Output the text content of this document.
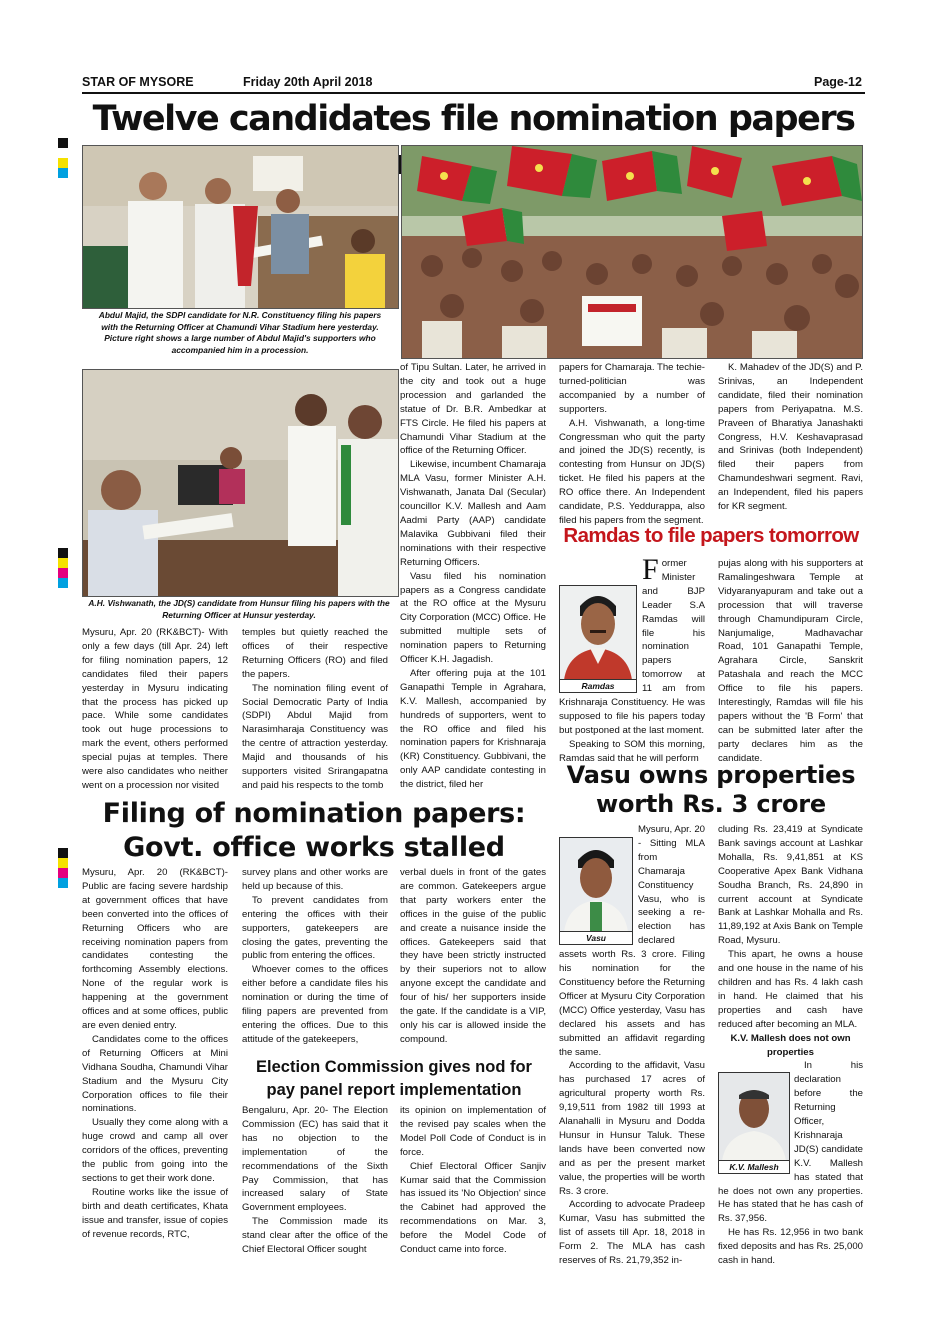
STAR OF MYSORE	Friday 20th April 2018	Page-12
Twelve candidates file nomination papers in
Abdul Majid, the SDPI candidate for N.R. Constituency filing his papers with the Returning Officer at Chamundi Vihar Stadium here yesterday. Picture right shows a large number of Abdul Majid's supporters who accompanied him in a procession.
A.H. Vishwanath, the JD(S) candidate from Hunsur filing his papers with the Returning Officer at Hunsur yesterday.

Mysuru, Apr. 20 (RK&BCT)- With only a few days (till Apr. 24) left for filing nomination papers, 12 candidates filed their papers yesterday in Mysuru indicating that the process has picked up pace. While some candidates took out huge processions to mark the event, others performed special pujas at temples. There were also candidates who neither went on a procession nor visited

temples but quietly reached the offices of their respective Returning Officers (RO) and filed the papers.

The nomination filing event of Social Democratic Party of India (SDPI) Abdul Majid from Narasimharaja Constituency was the centre of attraction yesterday. Majid and thousands of his supporters visited Srirangapatna and paid his respects to the tomb

of Tipu Sultan. Later, he arrived in the city and took out a huge procession and garlanded the statue of Dr. B.R. Ambedkar at FTS Circle. He filed his papers at Chamundi Vihar Stadium at the office of the Returning Officer.

Likewise, incumbent Chamaraja MLA Vasu, former Minister A.H. Vishwanath, Janata Dal (Secular) councillor K.V. Mallesh and Aam Aadmi Party (AAP) candidate Malavika Gubbivani filed their nominations with their respective Returning Officers.

Vasu filed his nomination papers as a Congress candidate at the RO office at the Mysuru City Corporation (MCC) Office. He submitted multiple sets of nomination papers to Returning Officer K.H. Jagadish.

After offering puja at the 101 Ganapathi Temple in Agrahara, K.V. Mallesh, accompanied by hundreds of supporters, went to the RO office and filed his nomination papers for Krishnaraja (KR) Constituency. Gubbivani, the only AAP candidate contesting in the district, filed her

papers for Chamaraja. The techie-turned-politician was accompanied by a number of supporters.

A.H. Vishwanath, a long-time Congressman who quit the party and joined the JD(S) recently, is contesting from Hunsur on JD(S) ticket. He filed his papers at the RO office there. An Independent candidate, P.S. Yeddurappa, also filed his papers from the segment.

K. Mahadev of the JD(S) and P. Srinivas, an Independent candidate, filed their nomination papers from Periyapatna. M.S. Praveen of Bharatiya Janashakti Congress, H.V. Keshavaprasad and Srinivas (both Independent) filed their papers from Chamundeshwari segment. Ravi, an Independent, filed his papers for KR segment.

Ramdas to file papers tomorrow
Ramdas

Former Minister and BJP Leader S.A Ramdas will file his nomination papers tomorrow at 11 am from Krishnaraja Constituency. He was supposed to file his papers today but postponed at the last moment.

Speaking to SOM this morning, Ramdas said that he will perform

pujas along with his supporters at Ramalingeshwara Temple at Vidyaranyapuram and take out a procession that will traverse through Chamundipuram Circle, Nanjumalige, Madhavachar Road, 101 Ganapathi Temple, Agrahara Circle, Sanskrit Patashala and reach the MCC Office to file his papers. Interestingly, Ramdas will file his papers without the 'B Form' that can be submitted later after the party declares him as the candidate.

Filing of nomination papers:
Govt. office works stalled

Mysuru, Apr. 20 (RK&BCT)- Public are facing severe hardship at government offices that have been converted into the offices of Returning Officers who are receiving nomination papers from candidates contesting the forthcoming Assembly elections. None of the regular work is happening at the government offices and at some offices, public are even denied entry.

Candidates come to the offices of Returning Officers at Mini Vidhana Soudha, Chamundi Vihar Stadium and the Mysuru City Corporation offices to file their nominations.

Usually they come along with a huge crowd and camp all over corridors of the offices, preventing the public from going into the sections to get their work done.

Routine works like the issue of birth and death certificates, Khata issue and transfer, issue of copies of revenue records, RTC,

survey plans and other works are held up because of this.

To prevent candidates from entering the offices with their supporters, gatekeepers are closing the gates, preventing the public from entering the offices.

Whoever comes to the offices either before a candidate files his nomination or during the time of filing papers are prevented from entering the offices. Due to this attitude of the gatekeepers,

verbal duels in front of the gates are common. Gatekeepers argue that party workers enter the offices in the guise of the public and create a nuisance inside the offices. Gatekeepers said that they have been strictly instructed by their superiors not to allow anyone except the candidate and four of his/ her supporters inside the gate. If the candidate is a VIP, only his car is allowed inside the compound.

Election Commission gives nod for
pay panel report implementation

Bengaluru, Apr. 20- The Election Commission (EC) has said that it has no objection to the implementation of the recommendations of the Sixth Pay Commission, that has increased salary of State Government employees.

The Commission made its stand clear after the office of the Chief Electoral Officer sought

its opinion on implementation of the revised pay scales when the Model Poll Code of Conduct is in force.

Chief Electoral Officer Sanjiv Kumar said that the Commission has issued its 'No Objection' since the Cabinet had approved the recommendations on Mar. 3, before the Model Code of Conduct came into force.

Vasu owns properties
worth Rs. 3 crore
Vasu

Mysuru, Apr. 20 - Sitting MLA from Chamaraja Constituency Vasu, who is seeking a re-election has declared assets worth Rs. 3 crore. Filing his nomination for the Constituency before the Returning Officer at Mysuru City Corporation (MCC) Office yesterday, Vasu has declared his assets and has submitted an affidavit regarding the same.

According to the affidavit, Vasu has purchased 17 acres of agricultural property worth Rs. 9,19,511 from 1982 till 1993 at Alanahalli in Mysuru and Dodda Hunsur in Hunsur Taluk. These lands have been converted now and as per the present market value, the properties will be worth Rs. 3 crore.

According to advocate Pradeep Kumar, Vasu has submitted the list of assets till Apr. 18, 2018 in Form 2. The MLA has cash reserves of Rs. 21,79,352 in-

cluding Rs. 23,419 at Syndicate Bank savings account at Lashkar Mohalla, Rs. 9,41,851 at KS Cooperative Apex Bank Vidhana Soudha Branch, Rs. 24,890 in current account at Syndicate Bank at Lashkar Mohalla and Rs. 11,89,192 at Axis Bank on Temple Road, Mysuru.

This apart, he owns a house and one house in the name of his children and has Rs. 4 lakh cash in hand. He claimed that his properties and cash have reduced after becoming an MLA.

K.V. Mallesh does not own properties

K.V. Mallesh

In his declaration before the Returning Officer, Krishnaraja JD(S) candidate K.V. Mallesh has stated that he does not own any properties. He has stated that he has cash of Rs. 37,956.

He has Rs. 12,956 in two bank fixed deposits and has Rs. 25,000 cash in hand.
